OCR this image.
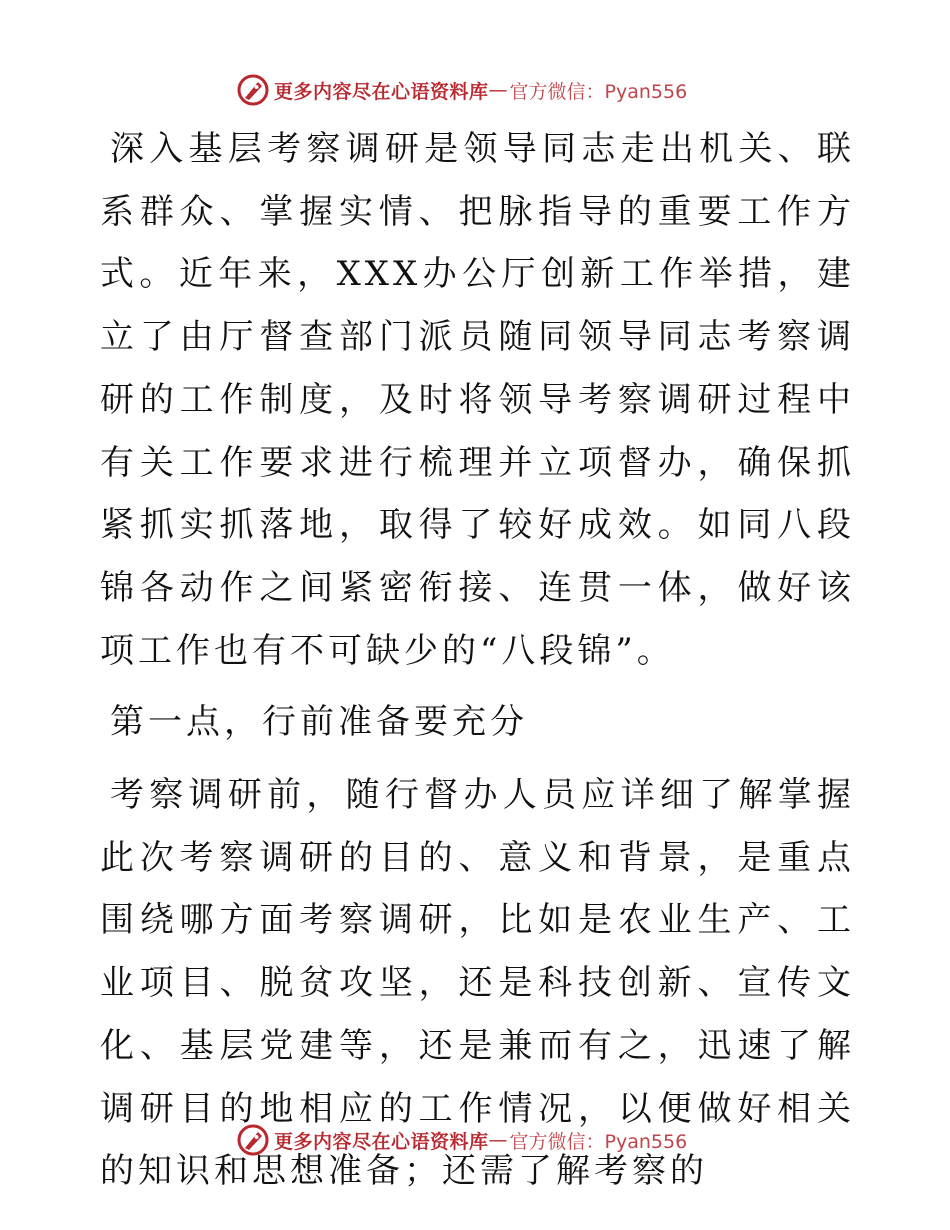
更多内容尽在心语资料库 — 官方微信：Pyan556

深入基层考察调研是领导同志走出机关、联系群众、掌握实情、把脉指导的重要工作方式。近年来，XXX办公厅创新工作举措，建立了由厅督查部门派员随同领导同志考察调研的工作制度，及时将领导考察调研过程中有关工作要求进行梳理并立项督办，确保抓紧抓实抓落地，取得了较好成效。如同八段锦各动作之间紧密衔接、连贯一体，做好该项工作也有不可缺少的“八段锦”。

第一点，行前准备要充分

考察调研前，随行督办人员应详细了解掌握此次考察调研的目的、意义和背景，是重点围绕哪方面考察调研，比如是农业生产、工业项目、脱贫攻坚，还是科技创新、宣传文化、基层党建等，还是兼而有之，迅速了解调研目的地相应的工作情况，以便做好相关的知识和思想准备；还需了解考察的

更多内容尽在心语资料库 — 官方微信：Pyan556
